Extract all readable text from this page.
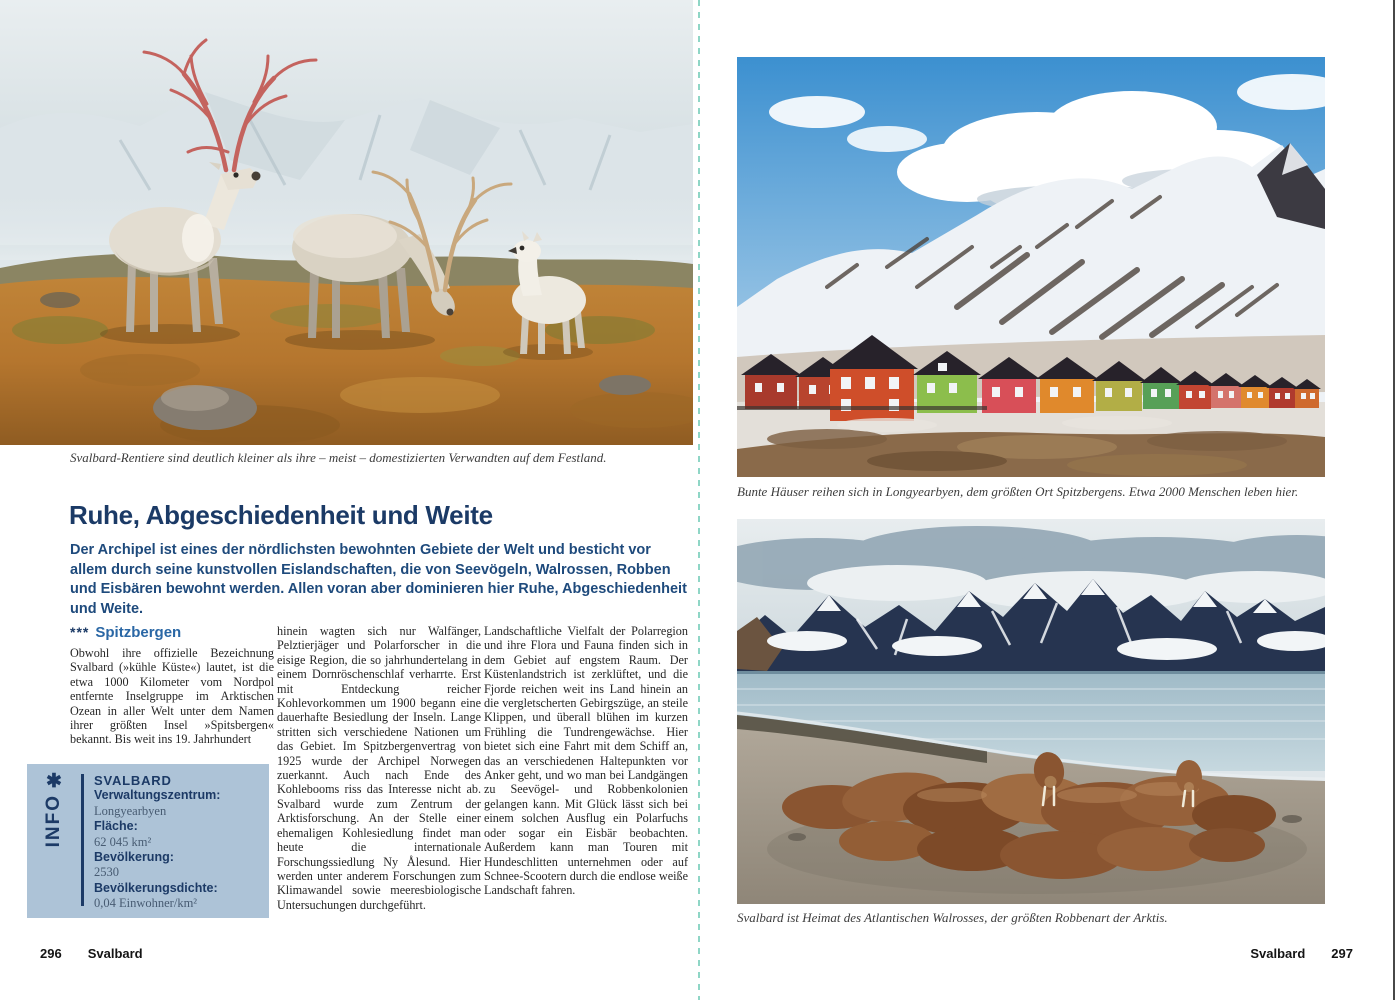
Svalbard-Rentiere sind deutlich kleiner als ihre – meist – domestizierten Verwandten auf dem Festland.
Ruhe, Abgeschiedenheit und Weite
Der Archipel ist eines der nördlichsten bewohnten Gebiete der Welt und besticht vor allem durch seine kunstvollen Eislandschaften, die von Seevögeln, Walrossen, Robben und Eisbären bewohnt werden. Allen voran aber dominieren hier Ruhe, Abgeschiedenheit und Weite.
*** Spitzbergen
Obwohl ihre offizielle Bezeichnung Svalbard (»kühle Küste«) lautet, ist die etwa 1000 Kilometer vom Nordpol entfernte Inselgruppe im Arktischen Ozean in aller Welt unter dem Namen ihrer größten Insel »Spitsbergen« bekannt. Bis weit ins 19. Jahrhundert
hinein wagten sich nur Walfänger, Pelztierjäger und Polarforscher in die eisige Region, die so jahrhundertelang in einem Dornröschenschlaf verharrte. Erst mit Entdeckung reicher Kohlevorkommen um 1900 begann eine dauerhafte Besiedlung der Inseln. Lange stritten sich verschiedene Nationen um das Gebiet. Im Spitzbergenvertrag von 1925 wurde der Archipel Norwegen zuerkannt. Auch nach Ende des Kohlebooms riss das Interesse nicht ab. Svalbard wurde zum Zentrum der Arktisforschung. An der Stelle einer ehemaligen Kohlesiedlung findet man heute die internationale Forschungssiedlung Ny Ålesund. Hier werden unter anderem Forschungen zum Klimawandel sowie meeresbiologische Untersuchungen durchgeführt.
Landschaftliche Vielfalt der Polarregion und ihre Flora und Fauna finden sich in dem Gebiet auf engstem Raum. Der Küstenlandstrich ist zerklüftet, und die Fjorde reichen weit ins Land hinein an die vergletscherten Gebirgszüge, an steile Klippen, und überall blühen im kurzen Frühling die Tundrengewächse. Hier bietet sich eine Fahrt mit dem Schiff an, das an verschiedenen Haltepunkten vor Anker geht, und wo man bei Landgängen zu Seevögel- und Robbenkolonien gelangen kann. Mit Glück lässt sich bei einem solchen Ausflug ein Polarfuchs oder sogar ein Eisbär beobachten. Außerdem kann man Touren mit Hundeschlitten unternehmen oder auf Schnee-Scootern durch die endlose weiße Landschaft fahren.
✱
INFO
SVALBARD
Verwaltungszentrum:
Longyearbyen
Fläche:
62 045 km²
Bevölkerung:
2530
Bevölkerungsdichte:
0,04 Einwohner/km²
296 Svalbard
Bunte Häuser reihen sich in Longyearbyen, dem größten Ort Spitzbergens. Etwa 2000 Menschen leben hier.
Svalbard ist Heimat des Atlantischen Walrosses, der größten Robbenart der Arktis.
Svalbard 297
